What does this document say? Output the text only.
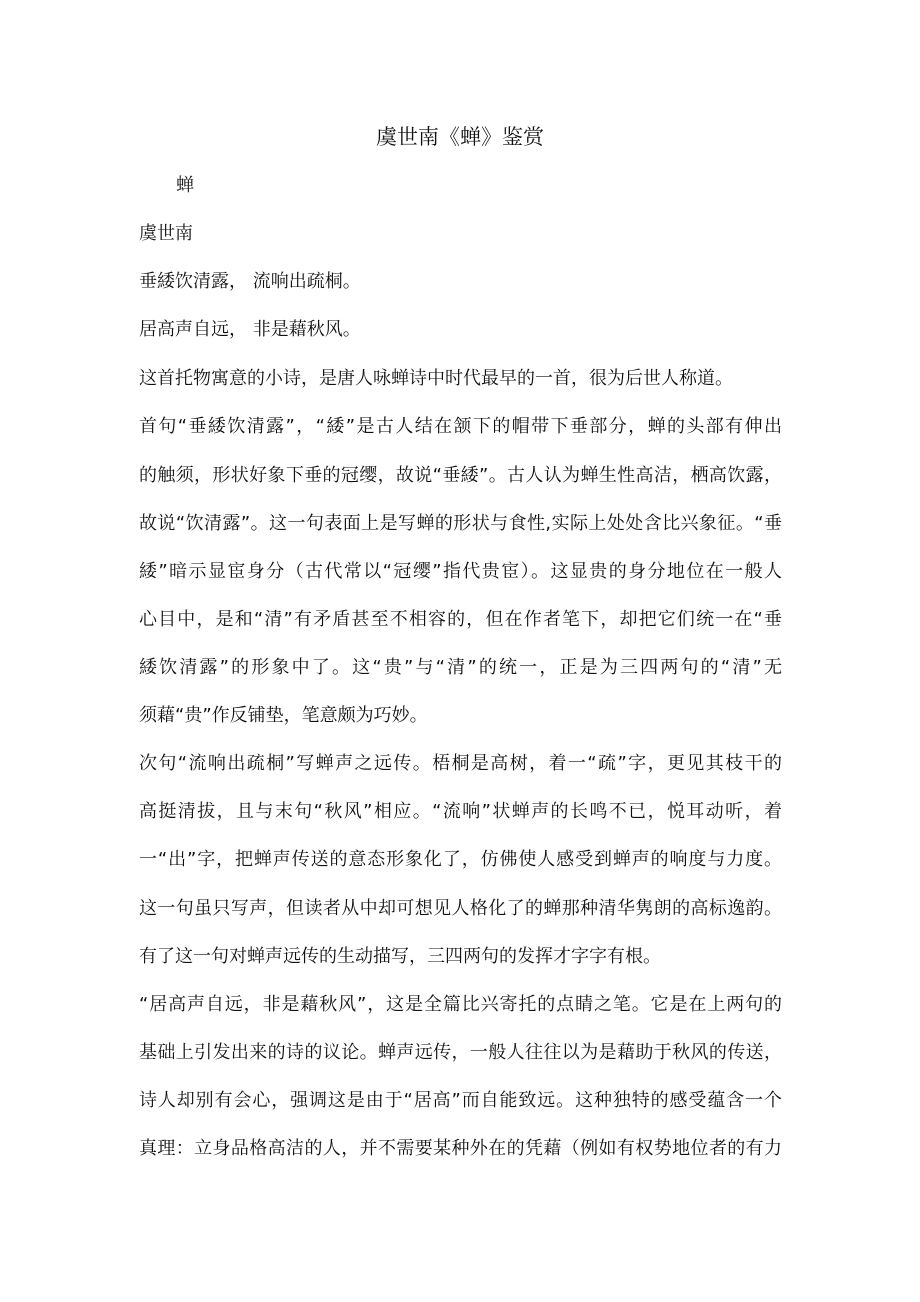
虞世南《蝉》鉴赏

蝉

虞世南

垂緌饮清露， 流响出疏桐。

居高声自远， 非是藉秋风。

这首托物寓意的小诗，是唐人咏蝉诗中时代最早的一首，很为后世人称道。

首句“垂緌饮清露”，“緌”是古人结在颔下的帽带下垂部分，蝉的头部有伸出

的触须，形状好象下垂的冠缨，故说“垂緌”。古人认为蝉生性高洁，栖高饮露，

故说“饮清露”。这一句表面上是写蝉的形状与食性,实际上处处含比兴象征。“垂

緌”暗示显宦身分（古代常以“冠缨”指代贵宦）。这显贵的身分地位在一般人

心目中，是和“清”有矛盾甚至不相容的，但在作者笔下，却把它们统一在“垂

緌饮清露”的形象中了。这“贵”与“清”的统一，正是为三四两句的“清”无

须藉“贵”作反铺垫，笔意颇为巧妙。

次句“流响出疏桐”写蝉声之远传。梧桐是高树，着一“疏”字，更见其枝干的

高挺清拔，且与末句“秋风”相应。“流响”状蝉声的长鸣不已，悦耳动听，着

一“出”字，把蝉声传送的意态形象化了，仿佛使人感受到蝉声的响度与力度。

这一句虽只写声，但读者从中却可想见人格化了的蝉那种清华隽朗的高标逸韵。

有了这一句对蝉声远传的生动描写，三四两句的发挥才字字有根。

“居高声自远，非是藉秋风”，这是全篇比兴寄托的点睛之笔。它是在上两句的

基础上引发出来的诗的议论。蝉声远传，一般人往往以为是藉助于秋风的传送，

诗人却别有会心，强调这是由于“居高”而自能致远。这种独特的感受蕴含一个

真理：立身品格高洁的人，并不需要某种外在的凭藉（例如有权势地位者的有力
